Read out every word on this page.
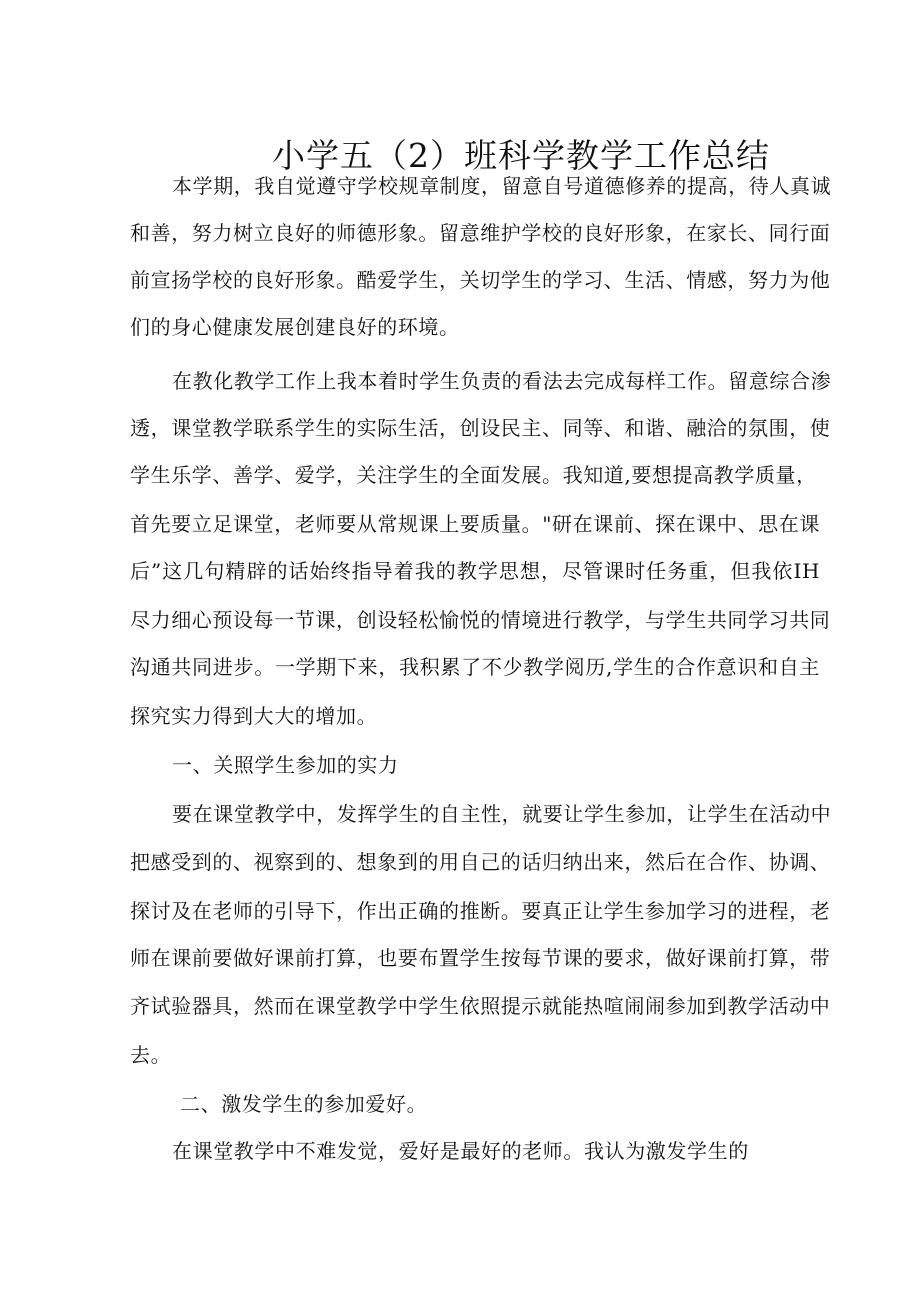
小学五（2）班科学教学工作总结
本学期，我自觉遵守学校规章制度，留意自号道德修养的提高，待人真诚
和善，努力树立良好的师德形象。留意维护学校的良好形象，在家长、同行面
前宣扬学校的良好形象。酷爱学生，关切学生的学习、生活、情感，努力为他
们的身心健康发展创建良好的环境。
在教化教学工作上我本着时学生负责的看法去完成每样工作。留意综合渗
透，课堂教学联系学生的实际生活，创设民主、同等、和谐、融洽的氛围，使
学生乐学、善学、爱学，关注学生的全面发展。我知道,要想提高教学质量，
首先要立足课堂，老师要从常规课上要质量。"研在课前、探在课中、思在课
后”这几句精辟的话始终指导着我的教学思想，尽管课时任务重，但我依IH
尽力细心预设每一节课，创设轻松愉悦的情境进行教学，与学生共同学习共同
沟通共同进步。一学期下来，我积累了不少教学阅历,学生的合作意识和自主
探究实力得到大大的增加。
一、关照学生参加的实力
要在课堂教学中，发挥学生的自主性，就要让学生参加，让学生在活动中
把感受到的、视察到的、想象到的用自己的话归纳出来，然后在合作、协调、
探讨及在老师的引导下，作出正确的推断。要真正让学生参加学习的进程，老
师在课前要做好课前打算，也要布置学生按每节课的要求，做好课前打算，带
齐试验器具，然而在课堂教学中学生依照提示就能热喧闹闹参加到教学活动中
去。
二、激发学生的参加爱好。
在课堂教学中不难发觉，爱好是最好的老师。我认为激发学生的
